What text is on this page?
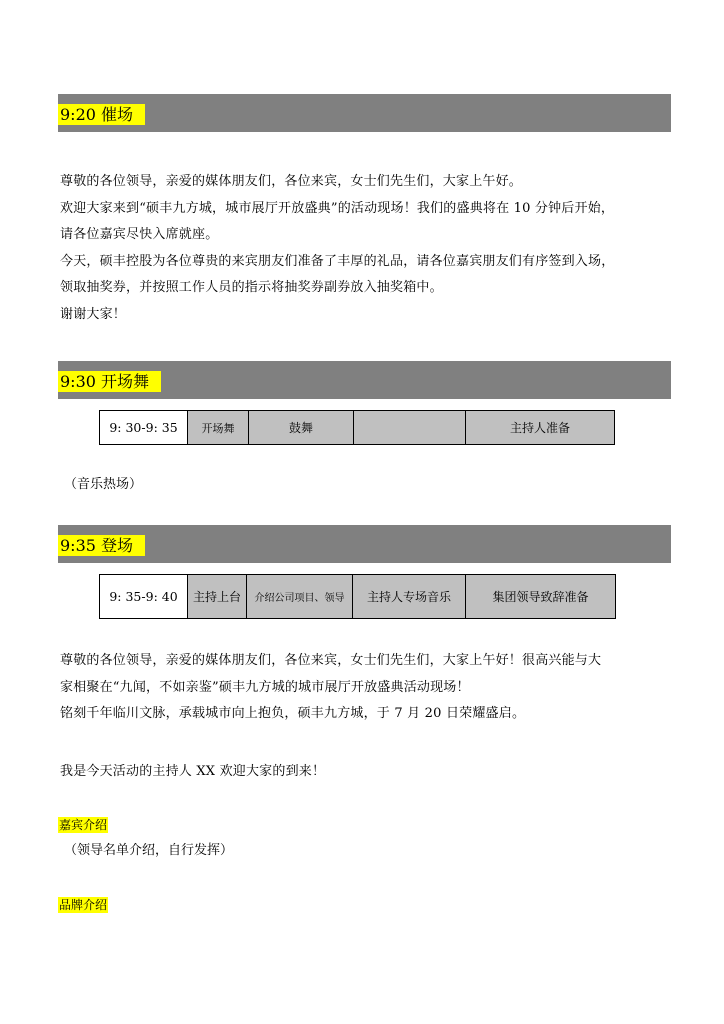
9:20 催场

尊敬的各位领导，亲爱的媒体朋友们，各位来宾，女士们先生们，大家上午好。

欢迎大家来到“硕丰九方城，城市展厅开放盛典”的活动现场！我们的盛典将在 10 分钟后开始，

请各位嘉宾尽快入席就座。

今天，硕丰控股为各位尊贵的来宾朋友们准备了丰厚的礼品，请各位嘉宾朋友们有序签到入场，

领取抽奖券，并按照工作人员的指示将抽奖券副券放入抽奖箱中。

谢谢大家！

9:30 开场舞
9: 30-9: 35	开场舞	鼓舞		主持人准备
（音乐热场）
9:35 登场
9: 35-9: 40	主持上台	介绍公司项目、领导	主持人专场音乐	集团领导致辞准备

尊敬的各位领导，亲爱的媒体朋友们，各位来宾，女士们先生们，大家上午好！很高兴能与大

家相聚在“九闻，不如亲鉴”硕丰九方城的城市展厅开放盛典活动现场！

铭刻千年临川文脉，承载城市向上抱负，硕丰九方城，于 7 月 20 日荣耀盛启。

我是今天活动的主持人 XX 欢迎大家的到来！
嘉宾介绍
（领导名单介绍，自行发挥）
品牌介绍
